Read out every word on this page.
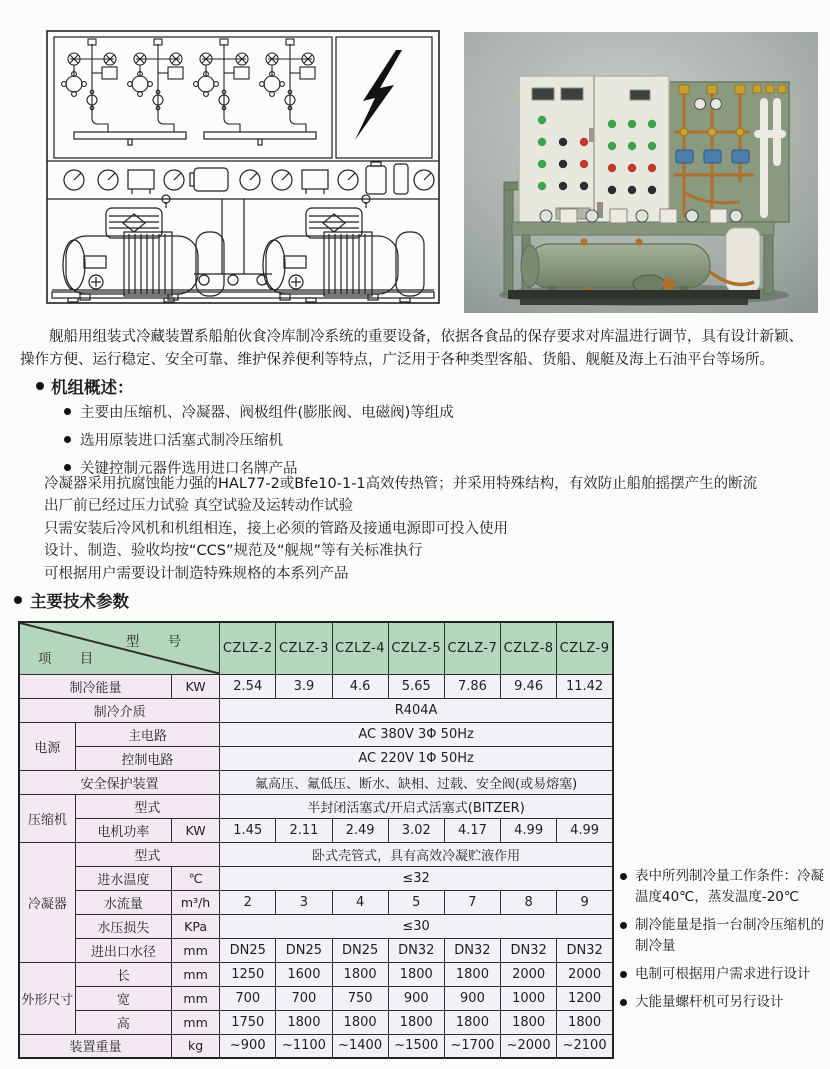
舰船用组装式冷藏装置系船舶伙食冷库制冷系统的重要设备，依据各食品的保存要求对库温进行调节，具有设计新颖、操作方便、运行稳定、安全可靠、维护保养便利等特点，广泛用于各种类型客船、货船、舰艇及海上石油平台等场所。

机组概述：
主要由压缩机、冷凝器、阀极组件(膨胀阀、电磁阀)等组成
选用原装进口活塞式制冷压缩机
关键控制元器件选用进口名牌产品
冷凝器采用抗腐蚀能力强的HAL77-2或Bfe10-1-1高效传热管；并采用特殊结构，有效防止船舶摇摆产生的断流
出厂前已经过压力试验 真空试验及运转动作试验
只需安装后冷风机和机组相连，接上必须的管路及接通电源即可投入使用
设计、制造、验收均按“CCS”规范及“舰规”等有关标准执行
可根据用户需要设计制造特殊规格的本系列产品
主要技术参数
型 号
项 目			CZLZ-2	CZLZ-3	CZLZ-4	CZLZ-5	CZLZ-7	CZLZ-8	CZLZ-9
制冷能量		KW	2.54	3.9	4.6	5.65	7.86	9.46	11.42
制冷介质			R404A						
电源	主电路		AC 380V 3Φ 50Hz						
	控制电路		AC 220V 1Φ 50Hz						
安全保护装置			氟高压、氟低压、断水、缺相、过载、安全阀(或易熔塞)						
压缩机	型式		半封闭活塞式/开启式活塞式(BITZER)						
	电机功率	KW	1.45	2.11	2.49	3.02	4.17	4.99	4.99
冷凝器	型式		卧式壳管式，具有高效冷凝贮液作用						
	进水温度	℃	≤32						
	水流量	m³/h	2	3	4	5	7	8	9
	水压损失	KPa	≤30						
	进出口水径	mm	DN25	DN25	DN25	DN32	DN32	DN32	DN32
外形尺寸	长	mm	1250	1600	1800	1800	1800	2000	2000
	宽	mm	700	700	750	900	900	1000	1200
	高	mm	1750	1800	1800	1800	1800	1800	1800
装置重量		kg	~900	~1100	~1400	~1500	~1700	~2000	~2100
表中所列制冷量工作条件：冷凝温度40℃，蒸发温度-20℃
制冷能量是指一台制冷压缩机的制冷量
电制可根据用户需求进行设计
大能量螺杆机可另行设计
